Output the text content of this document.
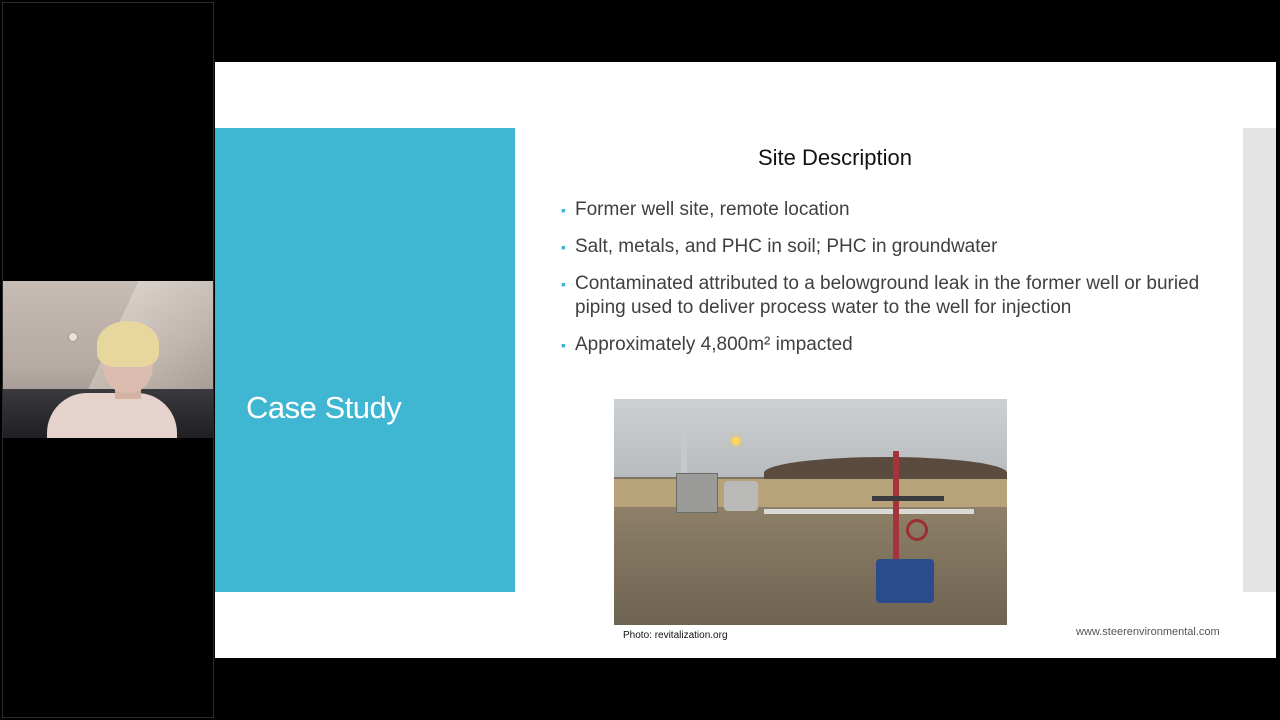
Case Study
Site Description
▪ Former well site, remote location
▪ Salt, metals, and PHC in soil; PHC in groundwater
▪ Contaminated attributed to a belowground leak in the former well or buried piping used to deliver process water to the well for injection
▪ Approximately 4,800m² impacted
Photo: revitalization.org	www.steerenvironmental.com
